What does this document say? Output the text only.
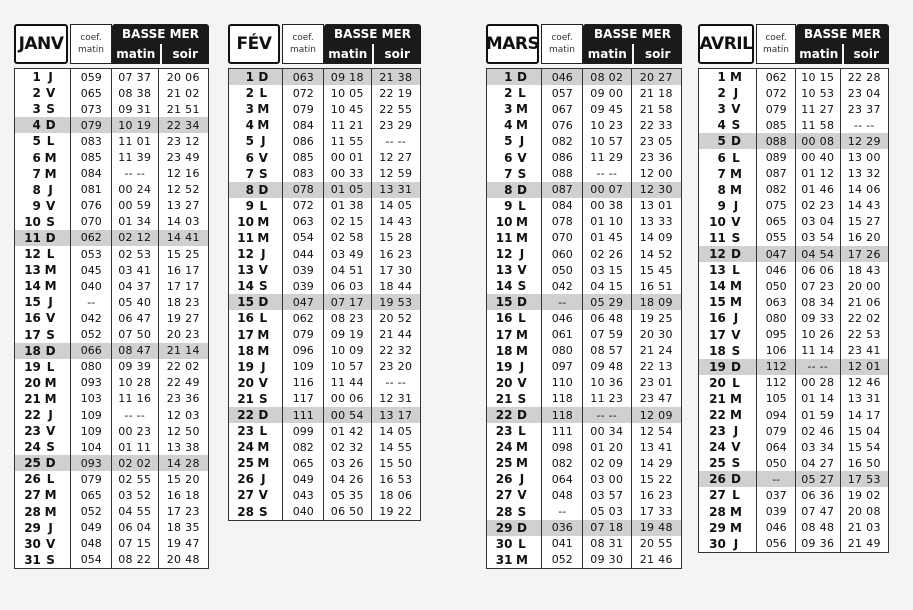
JANV	coef.
matin
BASSE MER
matin	soir
1 J	059	07 37	20 06
2 V	065	08 38	21 02
3 S	073	09 31	21 51
4 D	079	10 19	22 34
5 L	083	11 01	23 12
6 M	085	11 39	23 49
7 M	084	-- --	12 16
8 J	081	00 24	12 52
9 V	076	00 59	13 27
10 S	070	01 34	14 03
11 D	062	02 12	14 41
12 L	053	02 53	15 25
13 M	045	03 41	16 17
14 M	040	04 37	17 17
15 J	--	05 40	18 23
16 V	042	06 47	19 27
17 S	052	07 50	20 23
18 D	066	08 47	21 14
19 L	080	09 39	22 02
20 M	093	10 28	22 49
21 M	103	11 16	23 36
22 J	109	-- --	12 03
23 V	109	00 23	12 50
24 S	104	01 11	13 38
25 D	093	02 02	14 28
26 L	079	02 55	15 20
27 M	065	03 52	16 18
28 M	052	04 55	17 23
29 J	049	06 04	18 35
30 V	048	07 15	19 47
31 S	054	08 22	20 48
FÉV	coef.
matin
BASSE MER
matin	soir
1 D	063	09 18	21 38
2 L	072	10 05	22 19
3 M	079	10 45	22 55
4 M	084	11 21	23 29
5 J	086	11 55	-- --
6 V	085	00 01	12 27
7 S	083	00 33	12 59
8 D	078	01 05	13 31
9 L	072	01 38	14 05
10 M	063	02 15	14 43
11 M	054	02 58	15 28
12 J	044	03 49	16 23
13 V	039	04 51	17 30
14 S	039	06 03	18 44
15 D	047	07 17	19 53
16 L	062	08 23	20 52
17 M	079	09 19	21 44
18 M	096	10 09	22 32
19 J	109	10 57	23 20
20 V	116	11 44	-- --
21 S	117	00 06	12 31
22 D	111	00 54	13 17
23 L	099	01 42	14 05
24 M	082	02 32	14 55
25 M	065	03 26	15 50
26 J	049	04 26	16 53
27 V	043	05 35	18 06
28 S	040	06 50	19 22
MARS coef.
matin
BASSE MER
matin	soir
1 D	046	08 02	20 27
2 L	057	09 00	21 18
3 M	067	09 45	21 58
4 M	076	10 23	22 33
5 J	082	10 57	23 05
6 V	086	11 29	23 36
7 S	088	-- --	12 00
8 D	087	00 07	12 30
9 L	084	00 38	13 01
10 M	078	01 10	13 33
11 M	070	01 45	14 09
12 J	060	02 26	14 52
13 V	050	03 15	15 45
14 S	042	04 15	16 51
15 D	--	05 29	18 09
16 L	046	06 48	19 25
17 M	061	07 59	20 30
18 M	080	08 57	21 24
19 J	097	09 48	22 13
20 V	110	10 36	23 01
21 S	118	11 23	23 47
22 D	118	-- --	12 09
23 L	111	00 34	12 54
24 M	098	01 20	13 41
25 M	082	02 09	14 29
26 J	064	03 00	15 22
27 V	048	03 57	16 23
28 S	--	05 03	17 33
29 D	036	07 18	19 48
30 L	041	08 31	20 55
31 M	052	09 30	21 46
AVRIL coef.
matin
BASSE MER
matin	soir
1 M	062	10 15	22 28
2 J	072	10 53	23 04
3 V	079	11 27	23 37
4 S	085	11 58	-- --
5 D	088	00 08	12 29
6 L	089	00 40	13 00
7 M	087	01 12	13 32
8 M	082	01 46	14 06
9 J	075	02 23	14 43
10 V	065	03 04	15 27
11 S	055	03 54	16 20
12 D	047	04 54	17 26
13 L	046	06 06	18 43
14 M	050	07 23	20 00
15 M	063	08 34	21 06
16 J	080	09 33	22 02
17 V	095	10 26	22 53
18 S	106	11 14	23 41
19 D	112	-- --	12 01
20 L	112	00 28	12 46
21 M	105	01 14	13 31
22 M	094	01 59	14 17
23 J	079	02 46	15 04
24 V	064	03 34	15 54
25 S	050	04 27	16 50
26 D	--	05 27	17 53
27 L	037	06 36	19 02
28 M	039	07 47	20 08
29 M	046	08 48	21 03
30 J	056	09 36	21 49
